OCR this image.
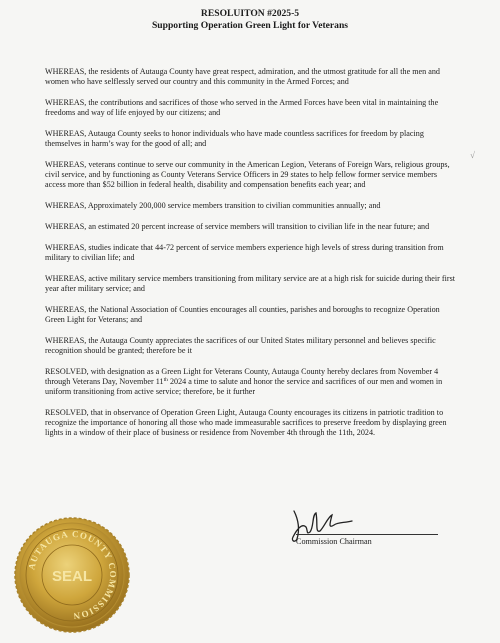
RESOLUITON #2025-5
Supporting Operation Green Light for Veterans

WHEREAS, the residents of Autauga County have great respect, admiration, and the utmost gratitude for all the men and women who have selflessly served our country and this community in the Armed Forces; and

WHEREAS, the contributions and sacrifices of those who served in the Armed Forces have been vital in maintaining the freedoms and way of life enjoyed by our citizens; and

WHEREAS, Autauga County seeks to honor individuals who have made countless sacrifices for freedom by placing themselves in harm’s way for the good of all; and

WHEREAS, veterans continue to serve our community in the American Legion, Veterans of Foreign Wars, religious groups, civil service, and by functioning as County Veterans Service Officers in 29 states to help fellow former service members access more than $52 billion in federal health, disability and compensation benefits each year; and

WHEREAS, Approximately 200,000 service members transition to civilian communities annually; and

WHEREAS, an estimated 20 percent increase of service members will transition to civilian life in the near future; and

WHEREAS, studies indicate that 44-72 percent of service members experience high levels of stress during transition from military to civilian life; and

WHEREAS, active military service members transitioning from military service are at a high risk for suicide during their first year after military service; and

WHEREAS, the National Association of Counties encourages all counties, parishes and boroughs to recognize Operation Green Light for Veterans; and

WHEREAS, the Autauga County appreciates the sacrifices of our United States military personnel and believes specific recognition should be granted; therefore be it

RESOLVED, with designation as a Green Light for Veterans County, Autauga County hereby declares from November 4 through Veterans Day, November 11th 2024 a time to salute and honor the service and sacrifices of our men and women in uniform transitioning from active service; therefore, be it further

RESOLVED, that in observance of Operation Green Light, Autauga County encourages its citizens in patriotic tradition to recognize the importance of honoring all those who made immeasurable sacrifices to preserve freedom by displaying green lights in a window of their place of business or residence from November 4th through the 11th, 2024.

Commission Chairman
√
AUTAUGA COUNTY COMMISSION
SEAL
